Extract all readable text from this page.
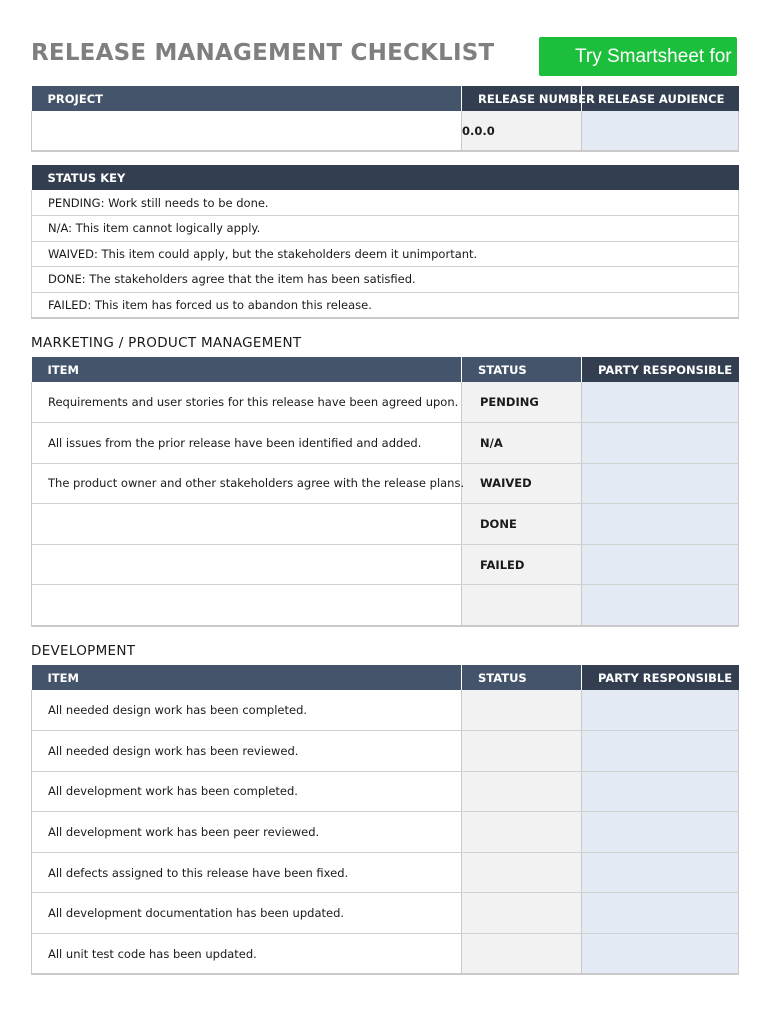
RELEASE MANAGEMENT CHECKLIST	Try Smartsheet for
PROJECT	RELEASE NUMBER	RELEASE AUDIENCE
	0.0.0	
STATUS KEY
PENDING: Work still needs to be done.
N/A: This item cannot logically apply.
WAIVED: This item could apply, but the stakeholders deem it unimportant.
DONE: The stakeholders agree that the item has been satisfied.
FAILED: This item has forced us to abandon this release.
MARKETING / PRODUCT MANAGEMENT
ITEM	STATUS	PARTY RESPONSIBLE
Requirements and user stories for this release have been agreed upon.	PENDING	
All issues from the prior release have been identified and added.	N/A	
The product owner and other stakeholders agree with the release plans.	WAIVED	
	DONE	
	FAILED	

DEVELOPMENT
ITEM	STATUS	PARTY RESPONSIBLE
All needed design work has been completed.		
All needed design work has been reviewed.		
All development work has been completed.		
All development work has been peer reviewed.		
All defects assigned to this release have been fixed.		
All development documentation has been updated.		
All unit test code has been updated.		
